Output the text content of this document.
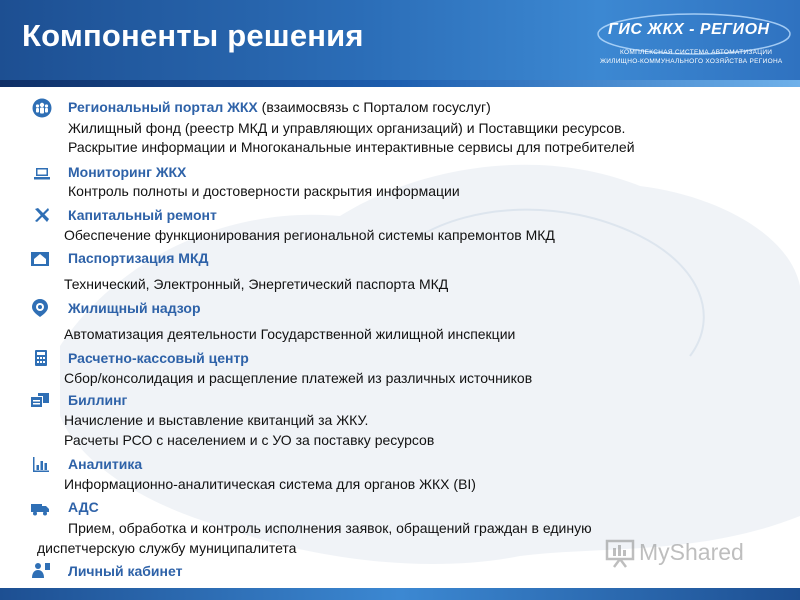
Компоненты решения	ГИС ЖКХ - РЕГИОН
КОМПЛЕКСНАЯ СИСТЕМА АВТОМАТИЗАЦИИ
ЖИЛИЩНО-КОММУНАЛЬНОГО ХОЗЯЙСТВА РЕГИОНА
Региональный портал ЖКХ (взаимосвязь с Порталом госуслуг)
Жилищный фонд (реестр МКД и управляющих организаций) и Поставщики ресурсов.
Раскрытие информации и Многоканальные интерактивные сервисы для потребителей
Мониторинг ЖКХ
Контроль полноты и достоверности раскрытия информации
Капитальный ремонт
Обеспечение функционирования региональной системы капремонтов МКД
Паспортизация МКД
Технический, Электронный, Энергетический паспорта МКД
Жилищный надзор
Автоматизация деятельности Государственной жилищной инспекции
Расчетно-кассовый центр
Сбор/консолидация и расщепление платежей из различных источников
Биллинг
Начисление и выставление квитанций за ЖКУ.
Расчеты РСО с населением и с УО за поставку ресурсов
Аналитика
Информационно-аналитическая система для органов ЖКХ (BI)
АДС
Прием, обработка и контроль исполнения заявок, обращений граждан в единую
диспетчерскую службу муниципалитета
Личный кабинет
MyShared
